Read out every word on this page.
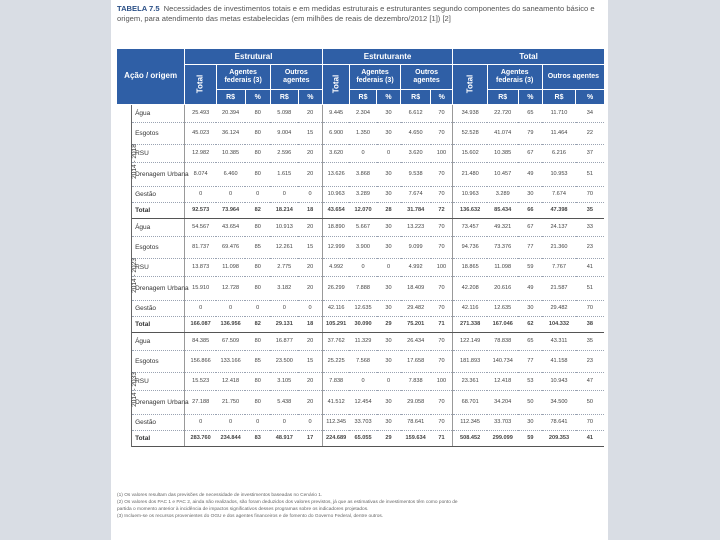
TABELA 7.5 Necessidades de investimentos totais e em medidas estruturais e estruturantes segundo componentes do saneamento básico e origem, para atendimento das metas estabelecidas (em milhões de reais de dezembro/2012 [1]) [2]
Ação / origem		Estrutural					Estruturante					Total				
		Total	Agentes federais (3)		Outros agentes		Total	Agentes federais (3)		Outros agentes		Total	Agentes federais (3)		Outros agentes	
			R$	%	R$	%		R$	%	R$	%		R$	%	R$	%
2014 - 2018	Água	25.493	20.394	80	5.098	20	9.445	2.304	30	6.612	70	34.938	22.720	65	11.710	34
	Esgotos	45.023	36.124	80	9.004	15	6.900	1.350	30	4.650	70	52.528	41.074	79	11.464	22
	RSU	12.982	10.385	80	2.596	20	3.620	0	0	3.620	100	15.602	10.385	67	6.216	37
	Drenagem Urbana	8.074	6.460	80	1.615	20	13.626	3.868	30	9.538	70	21.480	10.457	49	10.953	51
	Gestão	0	0	0	0	0	10.963	3.289	30	7.674	70	10.963	3.289	30	7.674	70
	Total	92.573	73.964	82	18.214	18	43.654	12.070	28	31.784	72	136.632	85.434	66	47.398	35
2014 - 2023	Água	54.567	43.654	80	10.913	20	18.890	5.667	30	13.223	70	73.457	49.321	67	24.137	33
	Esgotos	81.737	69.476	85	12.261	15	12.999	3.900	30	9.099	70	94.736	73.376	77	21.360	23
	RSU	13.873	11.098	80	2.775	20	4.992	0	0	4.992	100	18.865	11.098	59	7.767	41
	Drenagem Urbana	15.910	12.728	80	3.182	20	26.299	7.888	30	18.409	70	42.208	20.616	49	21.587	51
	Gestão	0	0	0	0	0	42.116	12.635	30	29.482	70	42.116	12.635	30	29.482	70
	Total	166.087	136.956	82	29.131	18	105.291	30.090	29	75.201	71	271.338	167.046	62	104.332	38
2014 - 2033	Água	84.385	67.509	80	16.877	20	37.762	11.329	30	26.434	70	122.149	78.838	65	43.311	35
	Esgotos	156.866	133.166	85	23.500	15	25.225	7.568	30	17.658	70	181.893	140.734	77	41.158	23
	RSU	15.523	12.418	80	3.105	20	7.838	0	0	7.838	100	23.361	12.418	53	10.943	47
	Drenagem Urbana	27.188	21.750	80	5.438	20	41.512	12.454	30	29.058	70	68.701	34.204	50	34.500	50
	Gestão	0	0	0	0	0	112.345	33.703	30	78.641	70	112.345	33.703	30	78.641	70
	Total	283.760	234.844	83	48.917	17	224.689	65.055	29	159.634	71	508.452	299.099	59	209.353	41
(1) Os valores resultam das previsões de necessidade de investimentos baseadas no Cenário 1.
(2) Os valores dos PAC 1 e PAC 2, ainda não realizados, são foram deduzidos dos valores previstos, já que as estimativas de investimentos têm como ponto de
partida o momento anterior à incidência de impactos significativos desses programas sobre os indicadores projetados.
(3) Incluem-se os recursos provenientes do OGU e dos agentes financeiros e de fomento do Governo Federal, dentre outros.
